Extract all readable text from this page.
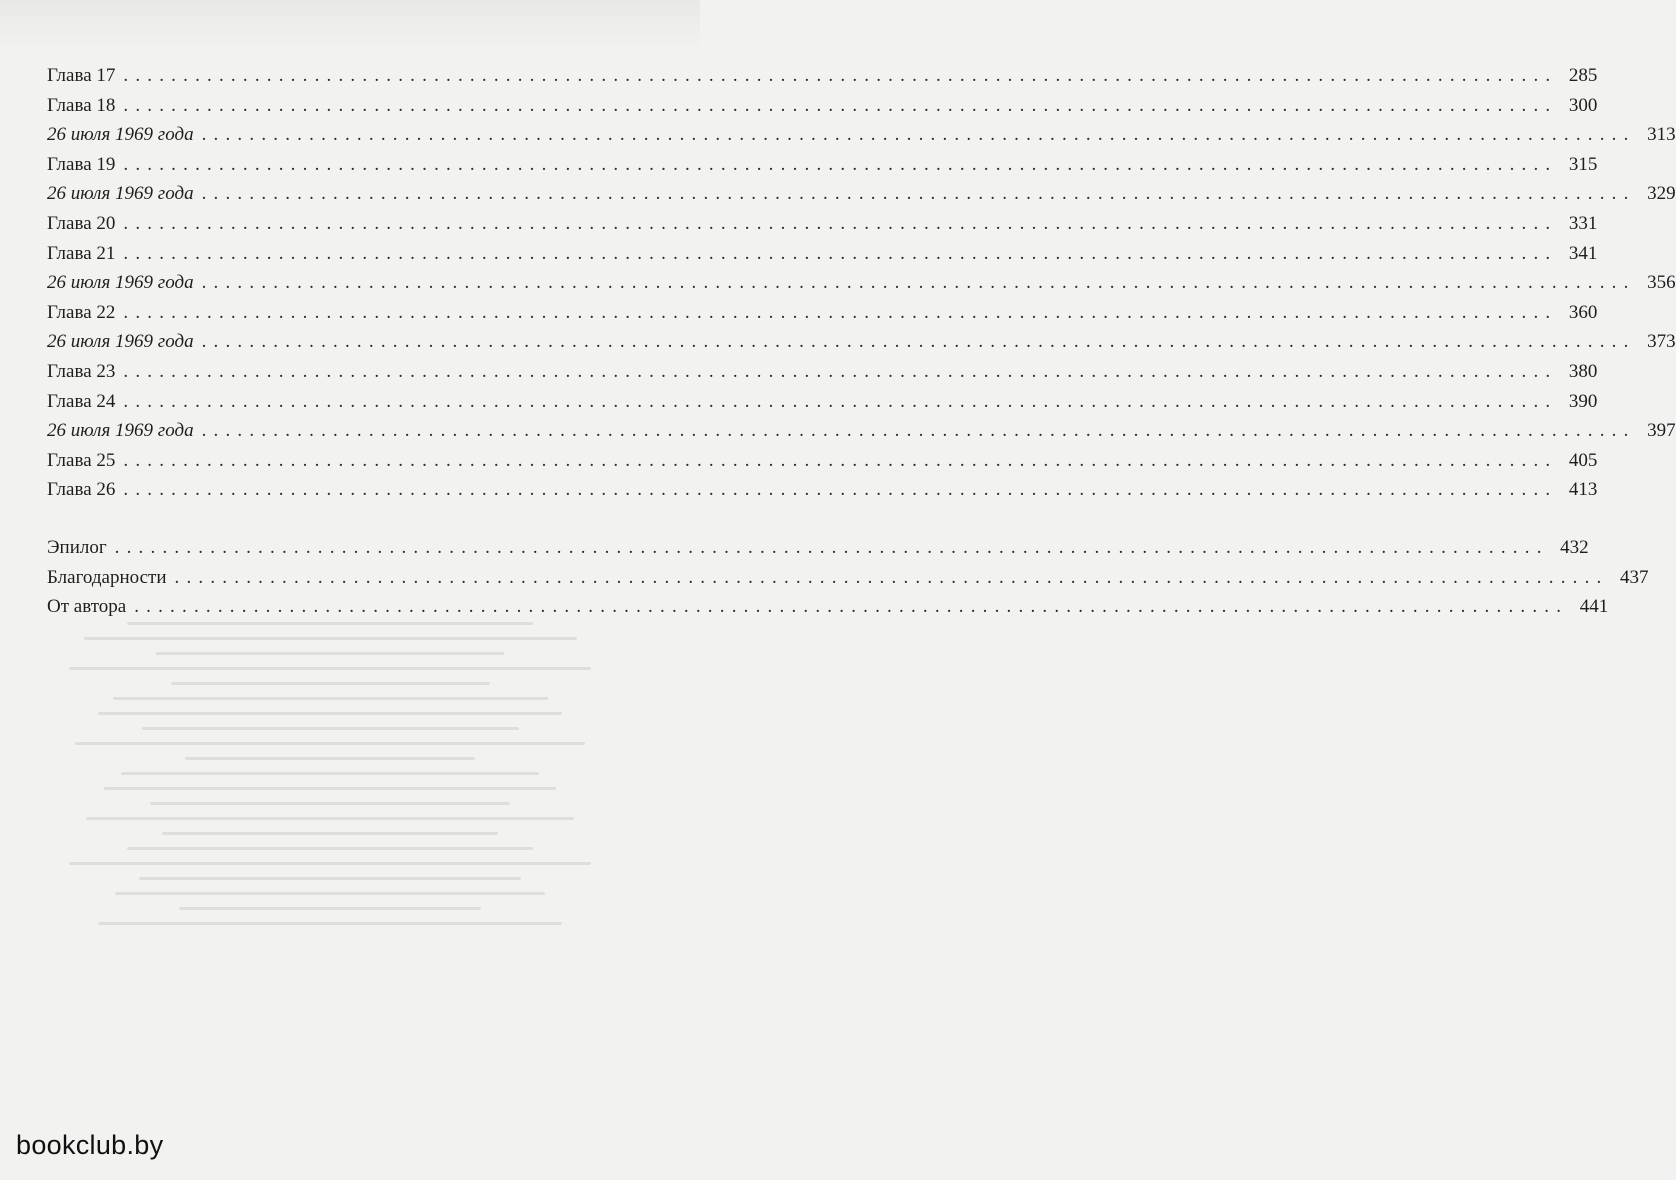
Глава 17 ........................................................................................................................ 285
Глава 18 ........................................................................................................................ 300
26 июля 1969 года ........................................................................................................................ 313
Глава 19 ........................................................................................................................ 315
26 июля 1969 года ........................................................................................................................ 329
Глава 20 ........................................................................................................................ 331
Глава 21 ........................................................................................................................ 341
26 июля 1969 года ........................................................................................................................ 356
Глава 22 ........................................................................................................................ 360
26 июля 1969 года ........................................................................................................................ 373
Глава 23 ........................................................................................................................ 380
Глава 24 ........................................................................................................................ 390
26 июля 1969 года ........................................................................................................................ 397
Глава 25 ........................................................................................................................ 405
Глава 26 ........................................................................................................................ 413
Эпилог ........................................................................................................................ 432
Благодарности ........................................................................................................................ 437
От автора ........................................................................................................................ 441
bookclub.by
